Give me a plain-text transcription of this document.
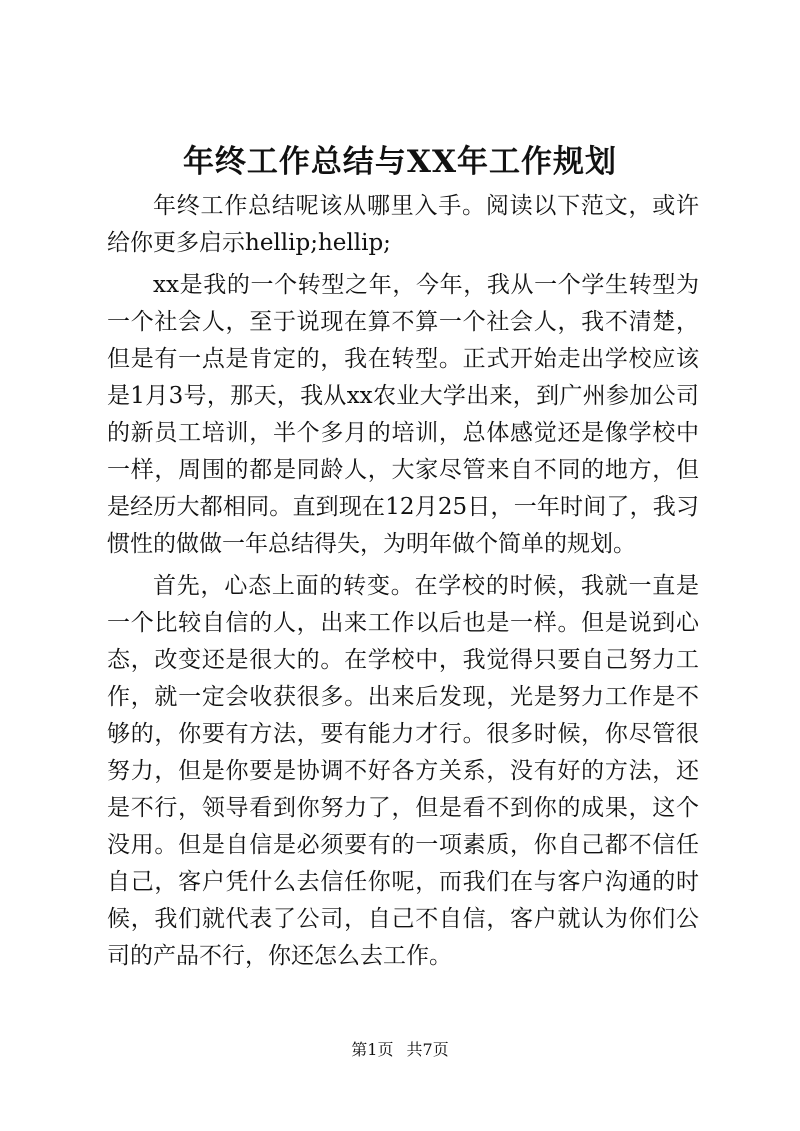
年终工作总结与XX年工作规划

年终工作总结呢该从哪里入手。阅读以下范文，或许给你更多启示hellip;hellip;

xx是我的一个转型之年，今年，我从一个学生转型为一个社会人，至于说现在算不算一个社会人，我不清楚，但是有一点是肯定的，我在转型。正式开始走出学校应该是1月3号，那天，我从xx农业大学出来，到广州参加公司的新员工培训，半个多月的培训，总体感觉还是像学校中一样，周围的都是同龄人，大家尽管来自不同的地方，但是经历大都相同。直到现在12月25日，一年时间了，我习惯性的做做一年总结得失，为明年做个简单的规划。

首先，心态上面的转变。在学校的时候，我就一直是一个比较自信的人，出来工作以后也是一样。但是说到心态，改变还是很大的。在学校中，我觉得只要自己努力工作，就一定会收获很多。出来后发现，光是努力工作是不够的，你要有方法，要有能力才行。很多时候，你尽管很努力，但是你要是协调不好各方关系，没有好的方法，还是不行，领导看到你努力了，但是看不到你的成果，这个没用。但是自信是必须要有的一项素质，你自己都不信任自己，客户凭什么去信任你呢，而我们在与客户沟通的时候，我们就代表了公司，自己不自信，客户就认为你们公司的产品不行，你还怎么去工作。

第1页 共7页
